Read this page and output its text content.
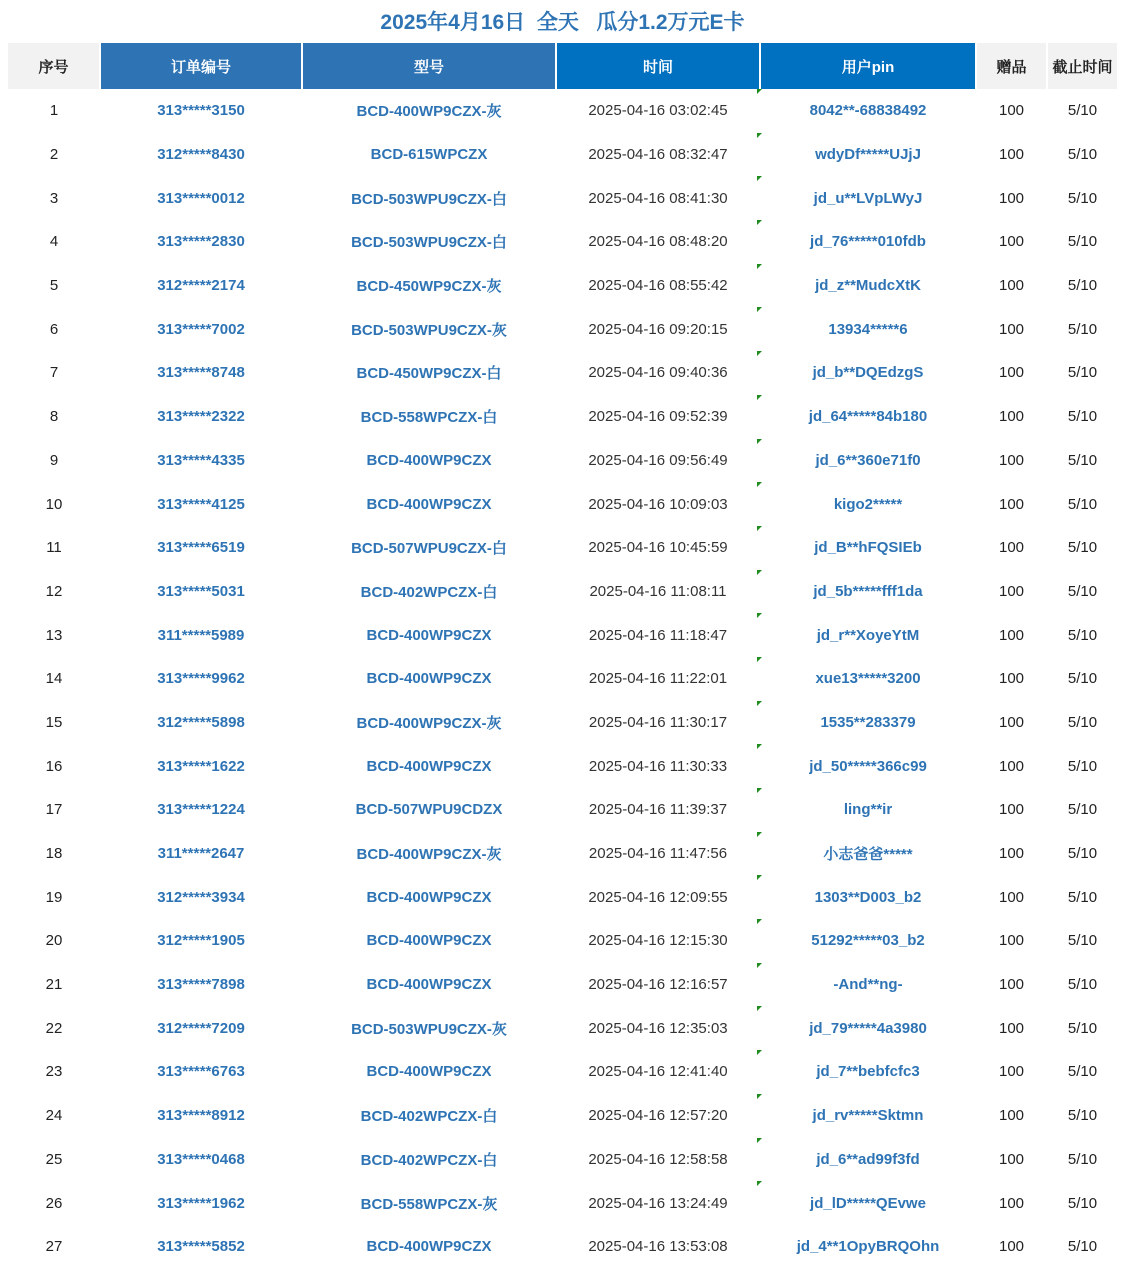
2025年4月16日  全天   瓜分1.2万元E卡
序号	订单编号	型号	时间	用户pin	赠品	截止时间
1	313*****3150	BCD-400WP9CZX-灰	2025-04-16 03:02:45	8042**-68838492	100	5/10
2	312*****8430	BCD-615WPCZX	2025-04-16 08:32:47	wdyDf*****UJjJ	100	5/10
3	313*****0012	BCD-503WPU9CZX-白	2025-04-16 08:41:30	jd_u**LVpLWyJ	100	5/10
4	313*****2830	BCD-503WPU9CZX-白	2025-04-16 08:48:20	jd_76*****010fdb	100	5/10
5	312*****2174	BCD-450WP9CZX-灰	2025-04-16 08:55:42	jd_z**MudcXtK	100	5/10
6	313*****7002	BCD-503WPU9CZX-灰	2025-04-16 09:20:15	13934*****6	100	5/10
7	313*****8748	BCD-450WP9CZX-白	2025-04-16 09:40:36	jd_b**DQEdzgS	100	5/10
8	313*****2322	BCD-558WPCZX-白	2025-04-16 09:52:39	jd_64*****84b180	100	5/10
9	313*****4335	BCD-400WP9CZX	2025-04-16 09:56:49	jd_6**360e71f0	100	5/10
10	313*****4125	BCD-400WP9CZX	2025-04-16 10:09:03	kigo2*****	100	5/10
11	313*****6519	BCD-507WPU9CZX-白	2025-04-16 10:45:59	jd_B**hFQSIEb	100	5/10
12	313*****5031	BCD-402WPCZX-白	2025-04-16 11:08:11	jd_5b*****fff1da	100	5/10
13	311*****5989	BCD-400WP9CZX	2025-04-16 11:18:47	jd_r**XoyeYtM	100	5/10
14	313*****9962	BCD-400WP9CZX	2025-04-16 11:22:01	xue13*****3200	100	5/10
15	312*****5898	BCD-400WP9CZX-灰	2025-04-16 11:30:17	1535**283379	100	5/10
16	313*****1622	BCD-400WP9CZX	2025-04-16 11:30:33	jd_50*****366c99	100	5/10
17	313*****1224	BCD-507WPU9CDZX	2025-04-16 11:39:37	ling**ir	100	5/10
18	311*****2647	BCD-400WP9CZX-灰	2025-04-16 11:47:56	小志爸爸*****	100	5/10
19	312*****3934	BCD-400WP9CZX	2025-04-16 12:09:55	1303**D003_b2	100	5/10
20	312*****1905	BCD-400WP9CZX	2025-04-16 12:15:30	51292*****03_b2	100	5/10
21	313*****7898	BCD-400WP9CZX	2025-04-16 12:16:57	-And**ng-	100	5/10
22	312*****7209	BCD-503WPU9CZX-灰	2025-04-16 12:35:03	jd_79*****4a3980	100	5/10
23	313*****6763	BCD-400WP9CZX	2025-04-16 12:41:40	jd_7**bebfcfc3	100	5/10
24	313*****8912	BCD-402WPCZX-白	2025-04-16 12:57:20	jd_rv*****Sktmn	100	5/10
25	313*****0468	BCD-402WPCZX-白	2025-04-16 12:58:58	jd_6**ad99f3fd	100	5/10
26	313*****1962	BCD-558WPCZX-灰	2025-04-16 13:24:49	jd_lD*****QEvwe	100	5/10
27	313*****5852	BCD-400WP9CZX	2025-04-16 13:53:08	jd_4**1OpyBRQOhn	100	5/10
